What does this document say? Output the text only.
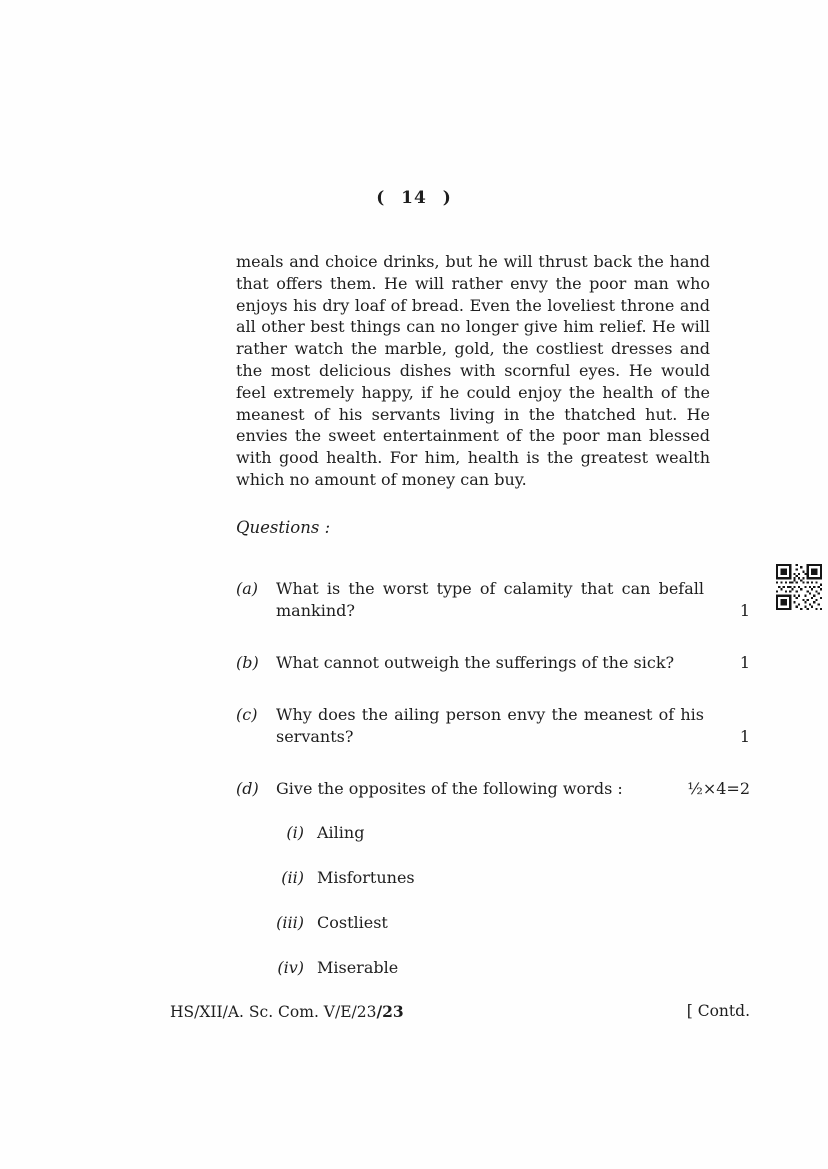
( 14 )

meals and choice drinks, but he will thrust back the hand that offers them. He will rather envy the poor man who enjoys his dry loaf of bread. Even the loveliest throne and all other best things can no longer give him relief. He will rather watch the marble, gold, the costliest dresses and the most delicious dishes with scornful eyes. He would feel extremely happy, if he could enjoy the health of the meanest of his servants living in the thatched hut. He envies the sweet entertainment of the poor man blessed with good health. For him, health is the greatest wealth which no amount of money can buy.

Questions :
(a)	What is the worst type of calamity that can befall mankind?	1
(b)	What cannot outweigh the sufferings of the sick?	1
(c)	Why does the ailing person envy the meanest of his servants?	1
(d)	Give the opposites of the following words :	½×4=2
(i) Ailing
(ii) Misfortunes
(iii) Costliest
(iv) Miserable
HS/XII/A. Sc. Com. V/E/23/23	[ Contd.
